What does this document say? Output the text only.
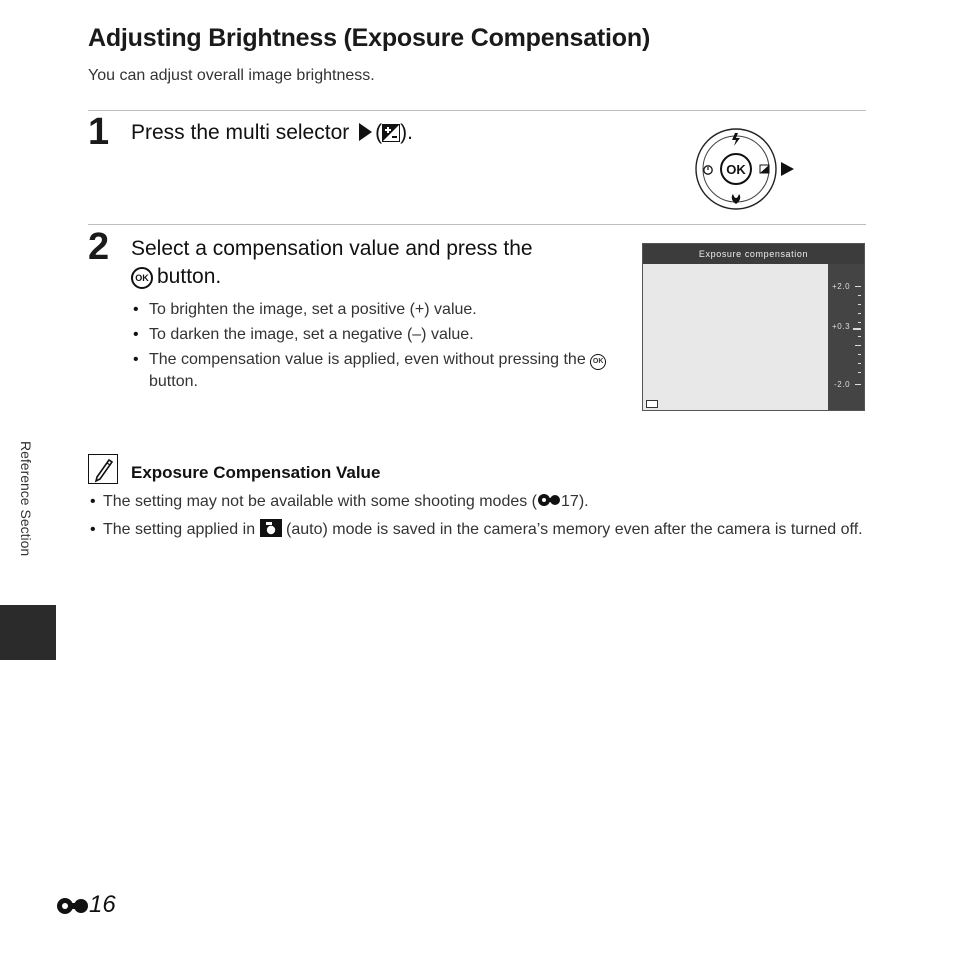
Adjusting Brightness (Exposure Compensation)
You can adjust overall image brightness.
1 Press the multi selector ( ).
OK
2 Select a compensation value and press the
OK button.
• To brighten the image, set a positive (+) value.
• To darken the image, set a negative (–) value.
• The compensation value is applied, even without pressing the OKbutton.
Exposure compensation
+2.0
+0.3
-2.0
Exposure Compensation Value
• The setting may not be available with some shooting modes ( 17).
• The setting applied in (auto) mode is saved in the camera’s memory even after the camera is turned off.
Reference Section
16
